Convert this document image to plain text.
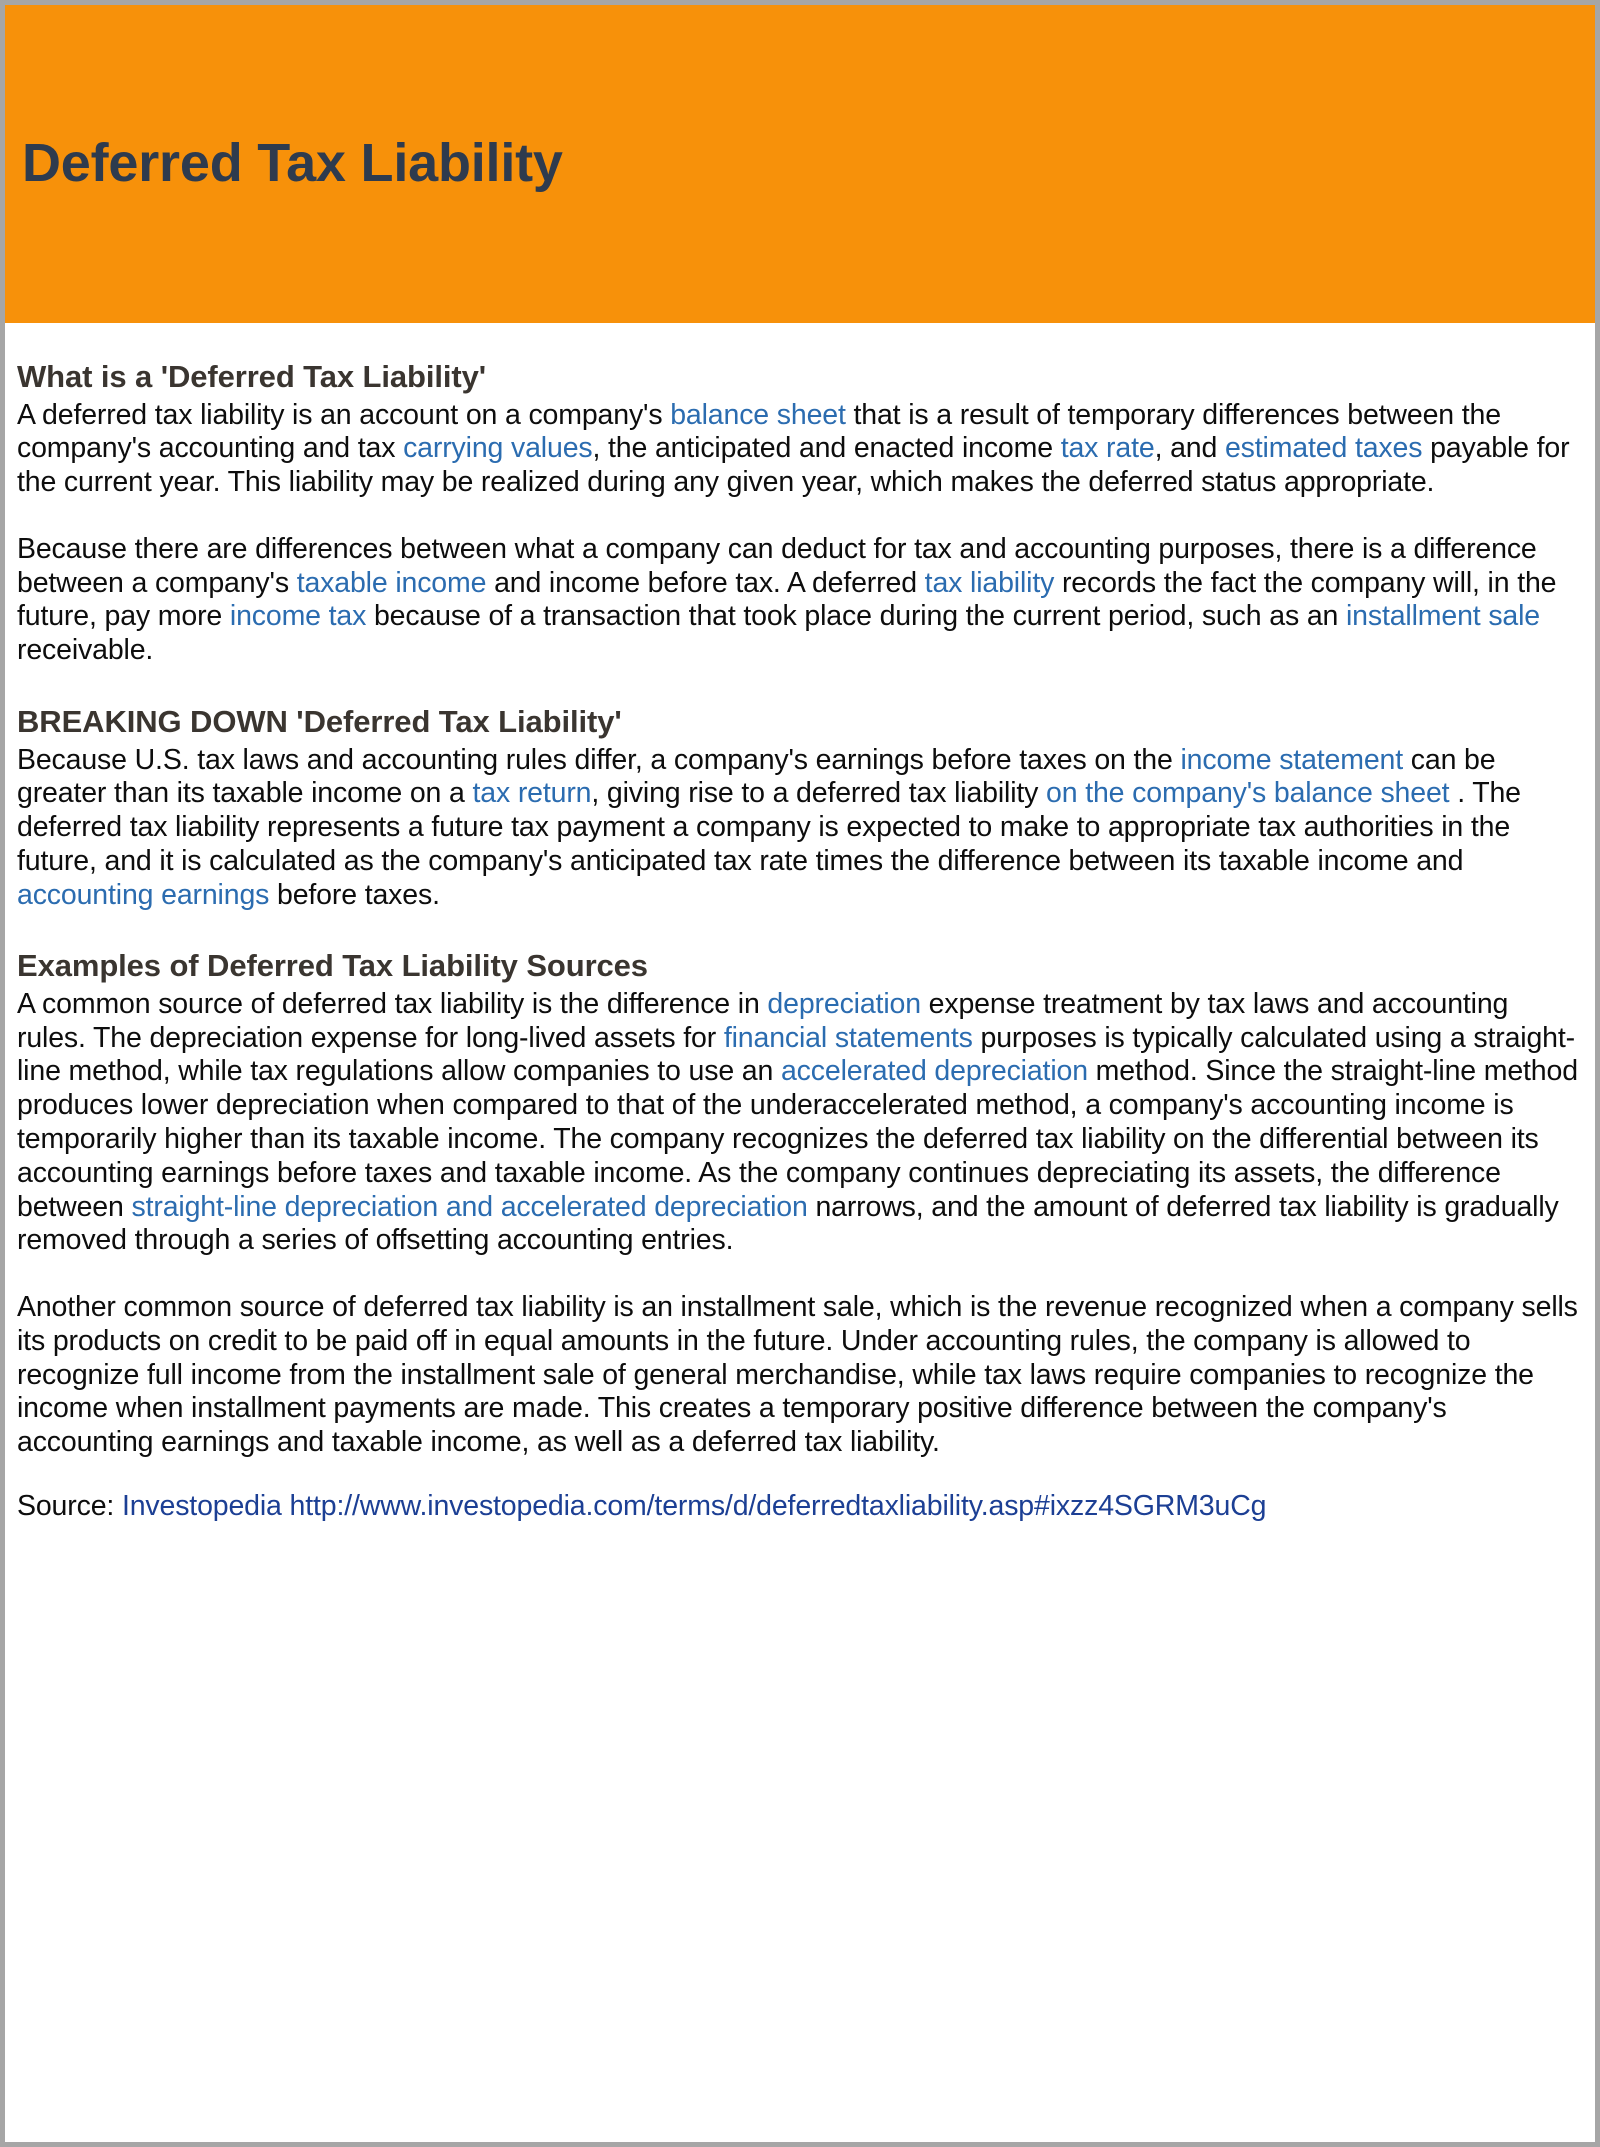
Deferred Tax Liability
What is a 'Deferred Tax Liability'

A deferred tax liability is an account on a company's balance sheet that is a result of temporary differences between the company's accounting and tax carrying values, the anticipated and enacted income tax rate, and estimated taxes payable for the current year. This liability may be realized during any given year, which makes the deferred status appropriate.

Because there are differences between what a company can deduct for tax and accounting purposes, there is a difference between a company's taxable income and income before tax. A deferred tax liability records the fact the company will, in the future, pay more income tax because of a transaction that took place during the current period, such as an installment sale receivable.

BREAKING DOWN 'Deferred Tax Liability'

Because U.S. tax laws and accounting rules differ, a company's earnings before taxes on the income statement can be greater than its taxable income on a tax return, giving rise to a deferred tax liability on the company's balance sheet . The deferred tax liability represents a future tax payment a company is expected to make to appropriate tax authorities in the future, and it is calculated as the company's anticipated tax rate times the difference between its taxable income and accounting earnings before taxes.

Examples of Deferred Tax Liability Sources

A common source of deferred tax liability is the difference in depreciation expense treatment by tax laws and accounting rules. The depreciation expense for long-lived assets for financial statements purposes is typically calculated using a straight-line method, while tax regulations allow companies to use an accelerated depreciation method. Since the straight-line method produces lower depreciation when compared to that of the underaccelerated method, a company's accounting income is temporarily higher than its taxable income. The company recognizes the deferred tax liability on the differential between its accounting earnings before taxes and taxable income. As the company continues depreciating its assets, the difference between straight-line depreciation and accelerated depreciation narrows, and the amount of deferred tax liability is gradually removed through a series of offsetting accounting entries.

Another common source of deferred tax liability is an installment sale, which is the revenue recognized when a company sells its products on credit to be paid off in equal amounts in the future. Under accounting rules, the company is allowed to recognize full income from the installment sale of general merchandise, while tax laws require companies to recognize the income when installment payments are made. This creates a temporary positive difference between the company's accounting earnings and taxable income, as well as a deferred tax liability.

Source: Investopedia http://www.investopedia.com/terms/d/deferredtaxliability.asp#ixzz4SGRM3uCg
